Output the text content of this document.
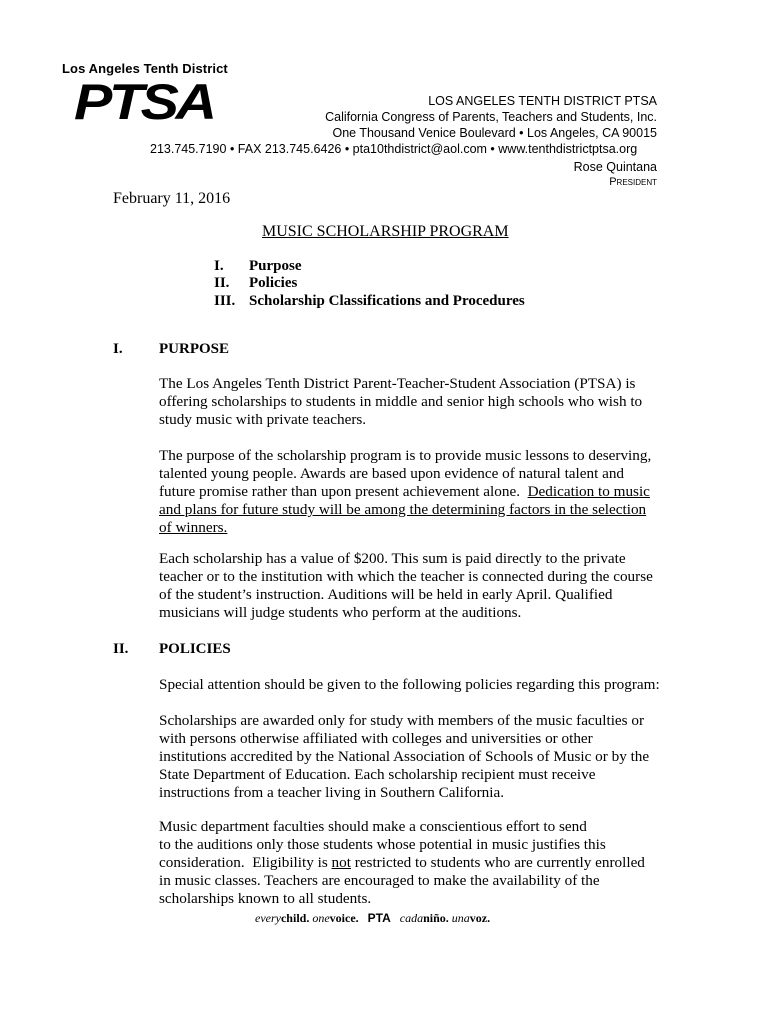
Los Angeles Tenth District
PTSA	LOS ANGELES TENTH DISTRICT PTSA
California Congress of Parents, Teachers and Students, Inc.
One Thousand Venice Boulevard • Los Angeles, CA 90015
213.745.7190 • FAX 213.745.6426 • pta10thdistrict@aol.com • www.tenthdistrictptsa.org
Rose Quintana
President
February 11, 2016
MUSIC SCHOLARSHIP PROGRAM
I. Purpose
II. Policies
III. Scholarship Classifications and Procedures
I. PURPOSE
The Los Angeles Tenth District Parent-Teacher-Student Association (PTSA) is
offering scholarships to students in middle and senior high schools who wish to
study music with private teachers.
The purpose of the scholarship program is to provide music lessons to deserving,
talented young people. Awards are based upon evidence of natural talent and
future promise rather than upon present achievement alone.  Dedication to music
and plans for future study will be among the determining factors in the selection
of winners.
Each scholarship has a value of $200. This sum is paid directly to the private
teacher or to the institution with which the teacher is connected during the course
of the student’s instruction. Auditions will be held in early April. Qualified
musicians will judge students who perform at the auditions.
II. POLICIES
Special attention should be given to the following policies regarding this program:
Scholarships are awarded only for study with members of the music faculties or
with persons otherwise affiliated with colleges and universities or other
institutions accredited by the National Association of Schools of Music or by the
State Department of Education. Each scholarship recipient must receive
instructions from a teacher living in Southern California.
Music department faculties should make a conscientious effort to send
to the auditions only those students whose potential in music justifies this
consideration.  Eligibility is not restricted to students who are currently enrolled
in music classes. Teachers are encouraged to make the availability of the
scholarships known to all students.
everychild. onevoice. PTA cadaniño. unavoz.
